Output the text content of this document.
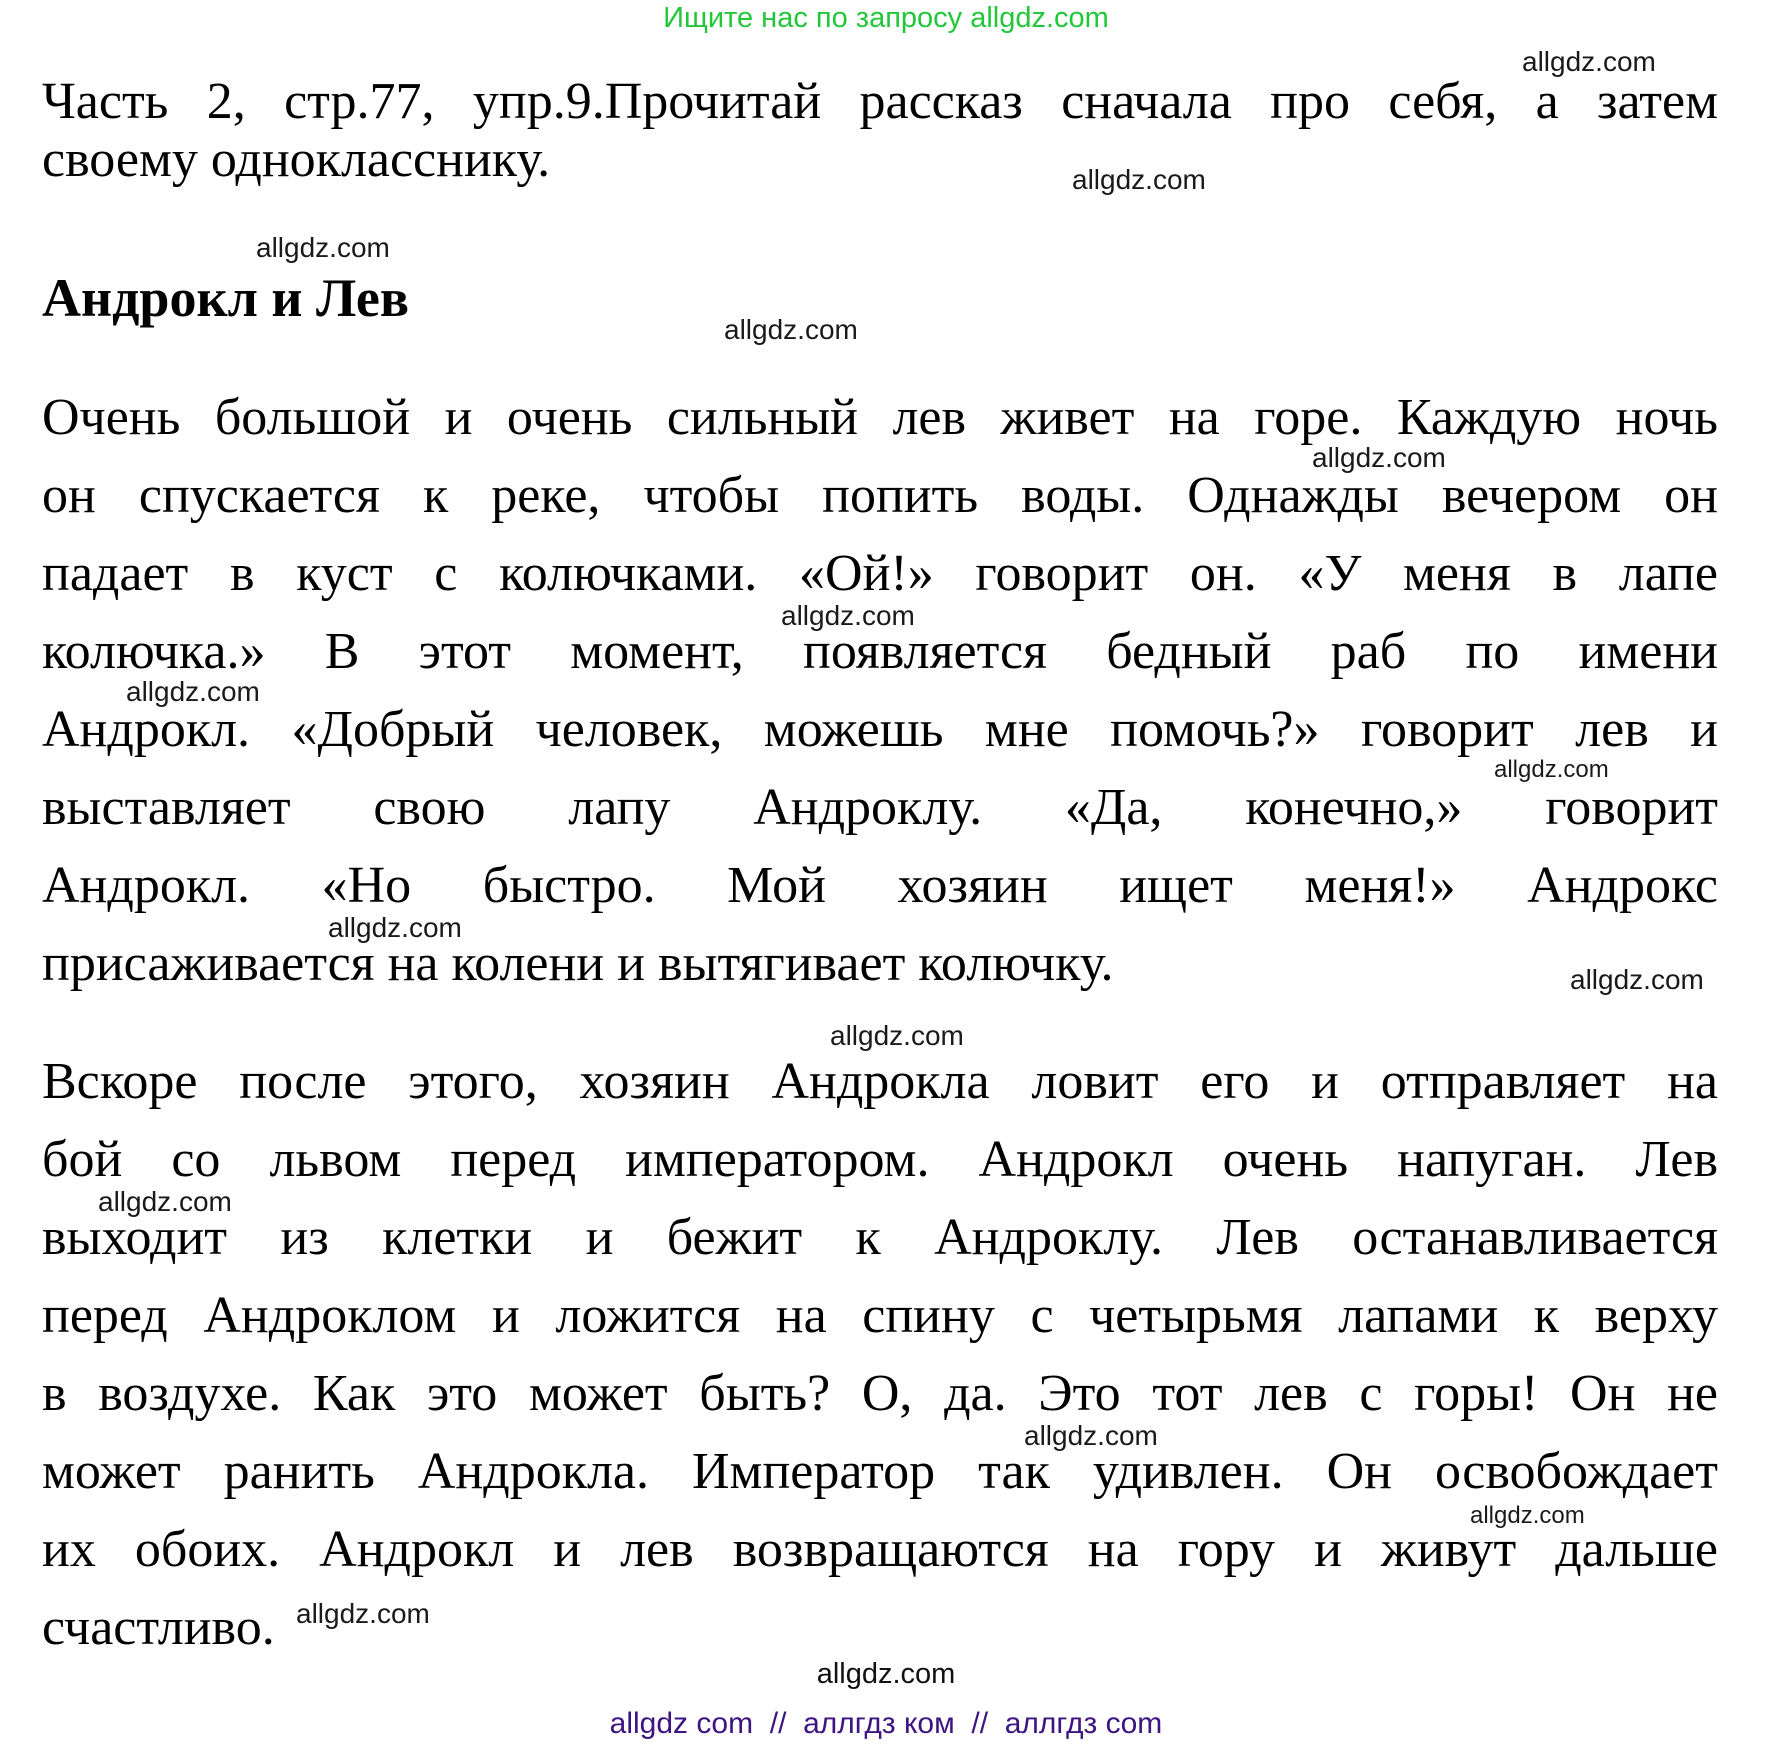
Ищите нас по запросу allgdz.com
Часть 2, стр.77, упр.9.Прочитай рассказ сначала про себя, а затем
своему однокласснику.
Андрокл и Лев
Очень большой и очень сильный лев живет на горе. Каждую ночь
он спускается к реке, чтобы попить воды. Однажды вечером он
падает в куст с колючками. «Ой!» говорит он. «У меня в лапе
колючка.» В этот момент, появляется бедный раб по имени
Андрокл. «Добрый человек, можешь мне помочь?» говорит лев и
выставляет свою лапу Андроклу. «Да, конечно,» говорит
Андрокл. «Но быстро. Мой хозяин ищет меня!» Андрокс
присаживается на колени и вытягивает колючку.
Вскоре после этого, хозяин Андрокла ловит его и отправляет на
бой со львом перед императором. Андрокл очень напуган. Лев
выходит из клетки и бежит к Андроклу. Лев останавливается
перед Андроклом и ложится на спину с четырьмя лапами к верху
в воздухе. Как это может быть? О, да. Это тот лев с горы! Он не
может ранить Андрокла. Император так удивлен. Он освобождает
их обоих. Андрокл и лев возвращаются на гору и живут дальше
счастливо.
allgdz.com
allgdz.com
allgdz.com
allgdz.com
allgdz.com
allgdz.com
allgdz.com
allgdz.com
allgdz.com
allgdz.com
allgdz.com
allgdz.com
allgdz.com
allgdz.com
allgdz.com
allgdz.com
allgdz com  //  аллгдз ком  //  аллгдз com
